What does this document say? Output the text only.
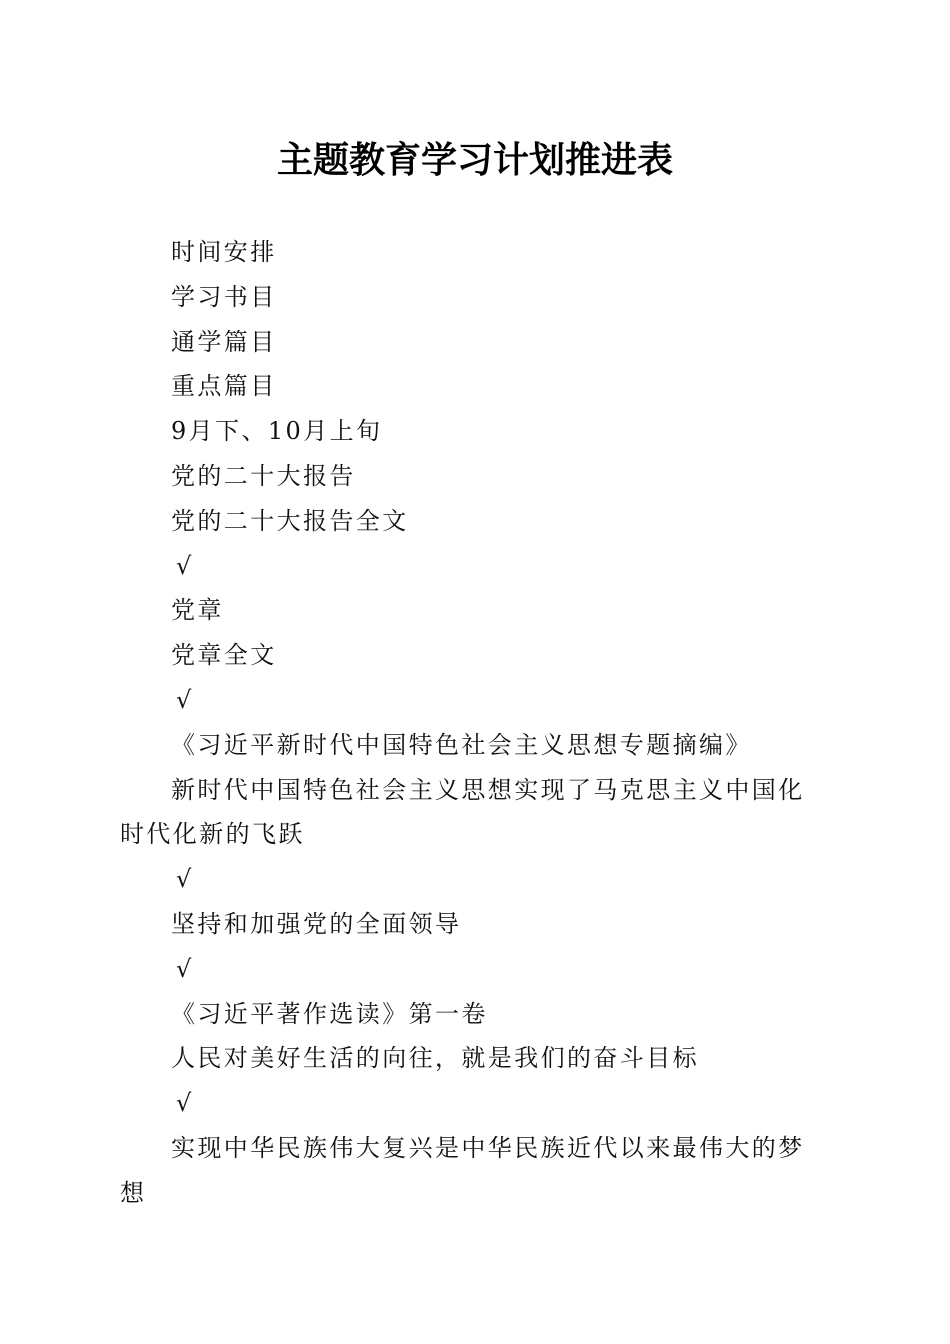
主题教育学习计划推进表

时间安排

学习书目

通学篇目

重点篇目

9月下、10月上旬

党的二十大报告

党的二十大报告全文

√

党章

党章全文

√

《习近平新时代中国特色社会主义思想专题摘编》

新时代中国特色社会主义思想实现了马克思主义中国化时代化新的飞跃

√

坚持和加强党的全面领导

√

《习近平著作选读》第一卷

人民对美好生活的向往，就是我们的奋斗目标

√

实现中华民族伟大复兴是中华民族近代以来最伟大的梦想
